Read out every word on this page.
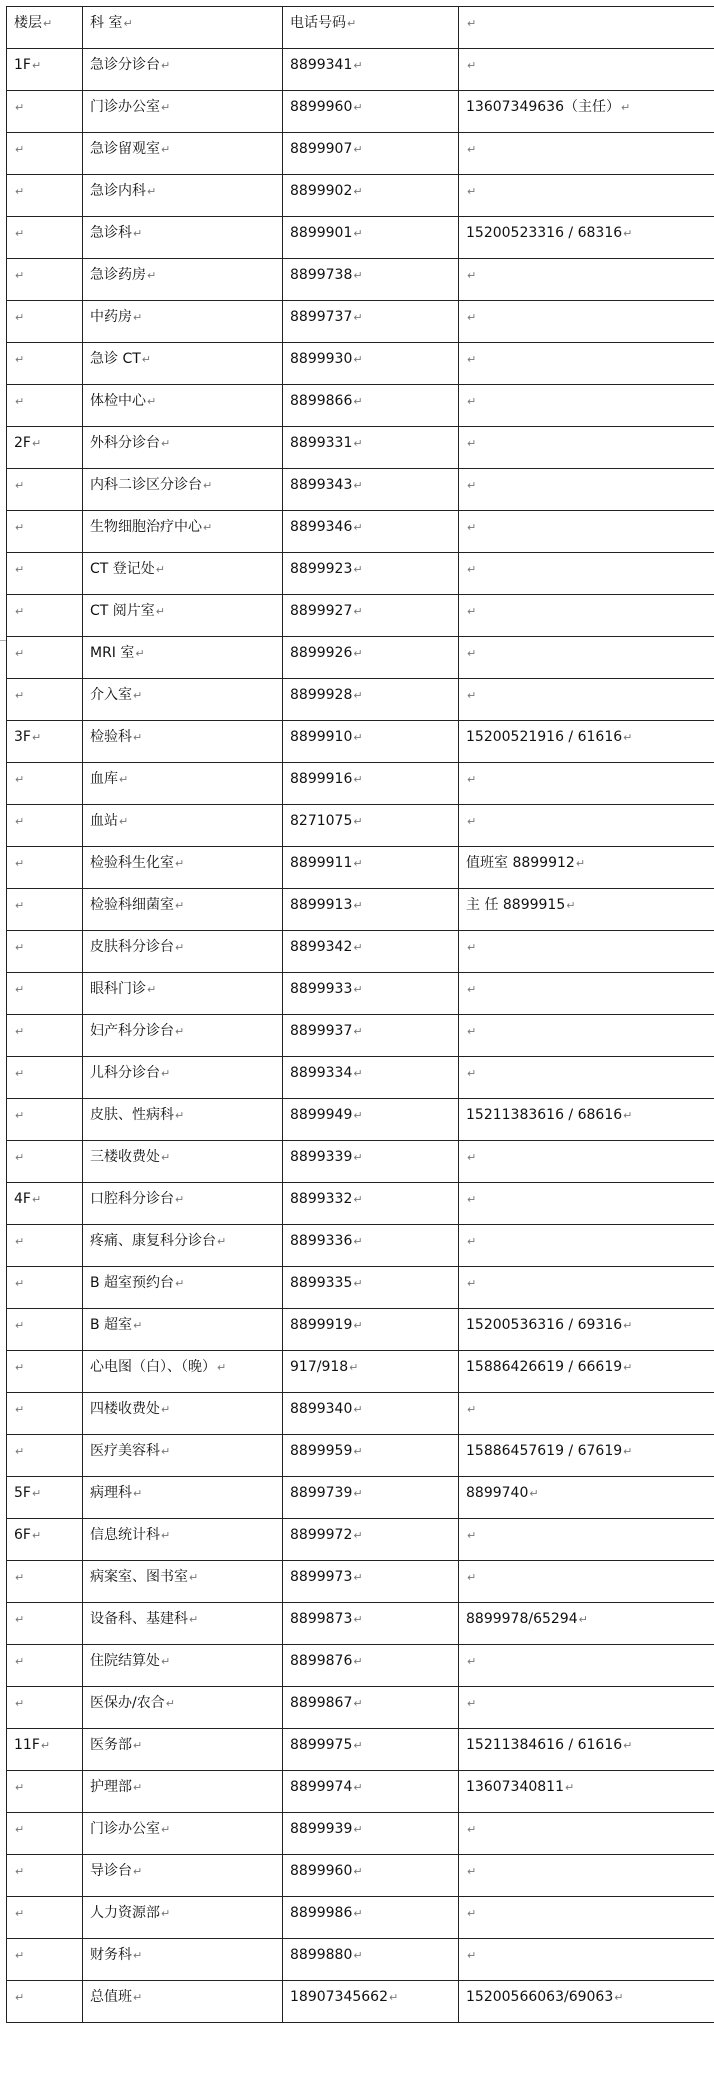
楼层↵	科 室↵	电话号码↵	↵
1F↵	急诊分诊台↵	8899341↵	↵
↵	门诊办公室↵	8899960↵	13607349636（主任）↵
↵	急诊留观室↵	8899907↵	↵
↵	急诊内科↵	8899902↵	↵
↵	急诊科↵	8899901↵	15200523316 / 68316↵
↵	急诊药房↵	8899738↵	↵
↵	中药房↵	8899737↵	↵
↵	急诊 CT↵	8899930↵	↵
↵	体检中心↵	8899866↵	↵
2F↵	外科分诊台↵	8899331↵	↵
↵	内科二诊区分诊台↵	8899343↵	↵
↵	生物细胞治疗中心↵	8899346↵	↵
↵	CT 登记处↵	8899923↵	↵
↵	CT 阅片室↵	8899927↵	↵
↵	MRI 室↵	8899926↵	↵
↵	介入室↵	8899928↵	↵
3F↵	检验科↵	8899910↵	15200521916 / 61616↵
↵	血库↵	8899916↵	↵
↵	血站↵	8271075↵	↵
↵	检验科生化室↵	8899911↵	值班室 8899912↵
↵	检验科细菌室↵	8899913↵	主 任 8899915↵
↵	皮肤科分诊台↵	8899342↵	↵
↵	眼科门诊↵	8899933↵	↵
↵	妇产科分诊台↵	8899937↵	↵
↵	儿科分诊台↵	8899334↵	↵
↵	皮肤、性病科↵	8899949↵	15211383616 / 68616↵
↵	三楼收费处↵	8899339↵	↵
4F↵	口腔科分诊台↵	8899332↵	↵
↵	疼痛、康复科分诊台↵	8899336↵	↵
↵	B 超室预约台↵	8899335↵	↵
↵	B 超室↵	8899919↵	15200536316 / 69316↵
↵	心电图（白）、（晚）↵	917/918↵	15886426619 / 66619↵
↵	四楼收费处↵	8899340↵	↵
↵	医疗美容科↵	8899959↵	15886457619 / 67619↵
5F↵	病理科↵	8899739↵	8899740↵
6F↵	信息统计科↵	8899972↵	↵
↵	病案室、图书室↵	8899973↵	↵
↵	设备科、基建科↵	8899873↵	8899978/65294↵
↵	住院结算处↵	8899876↵	↵
↵	医保办/农合↵	8899867↵	↵
11F↵	医务部↵	8899975↵	15211384616 / 61616↵
↵	护理部↵	8899974↵	13607340811↵
↵	门诊办公室↵	8899939↵	↵
↵	导诊台↵	8899960↵	↵
↵	人力资源部↵	8899986↵	↵
↵	财务科↵	8899880↵	↵
↵	总值班↵	18907345662↵	15200566063/69063↵
